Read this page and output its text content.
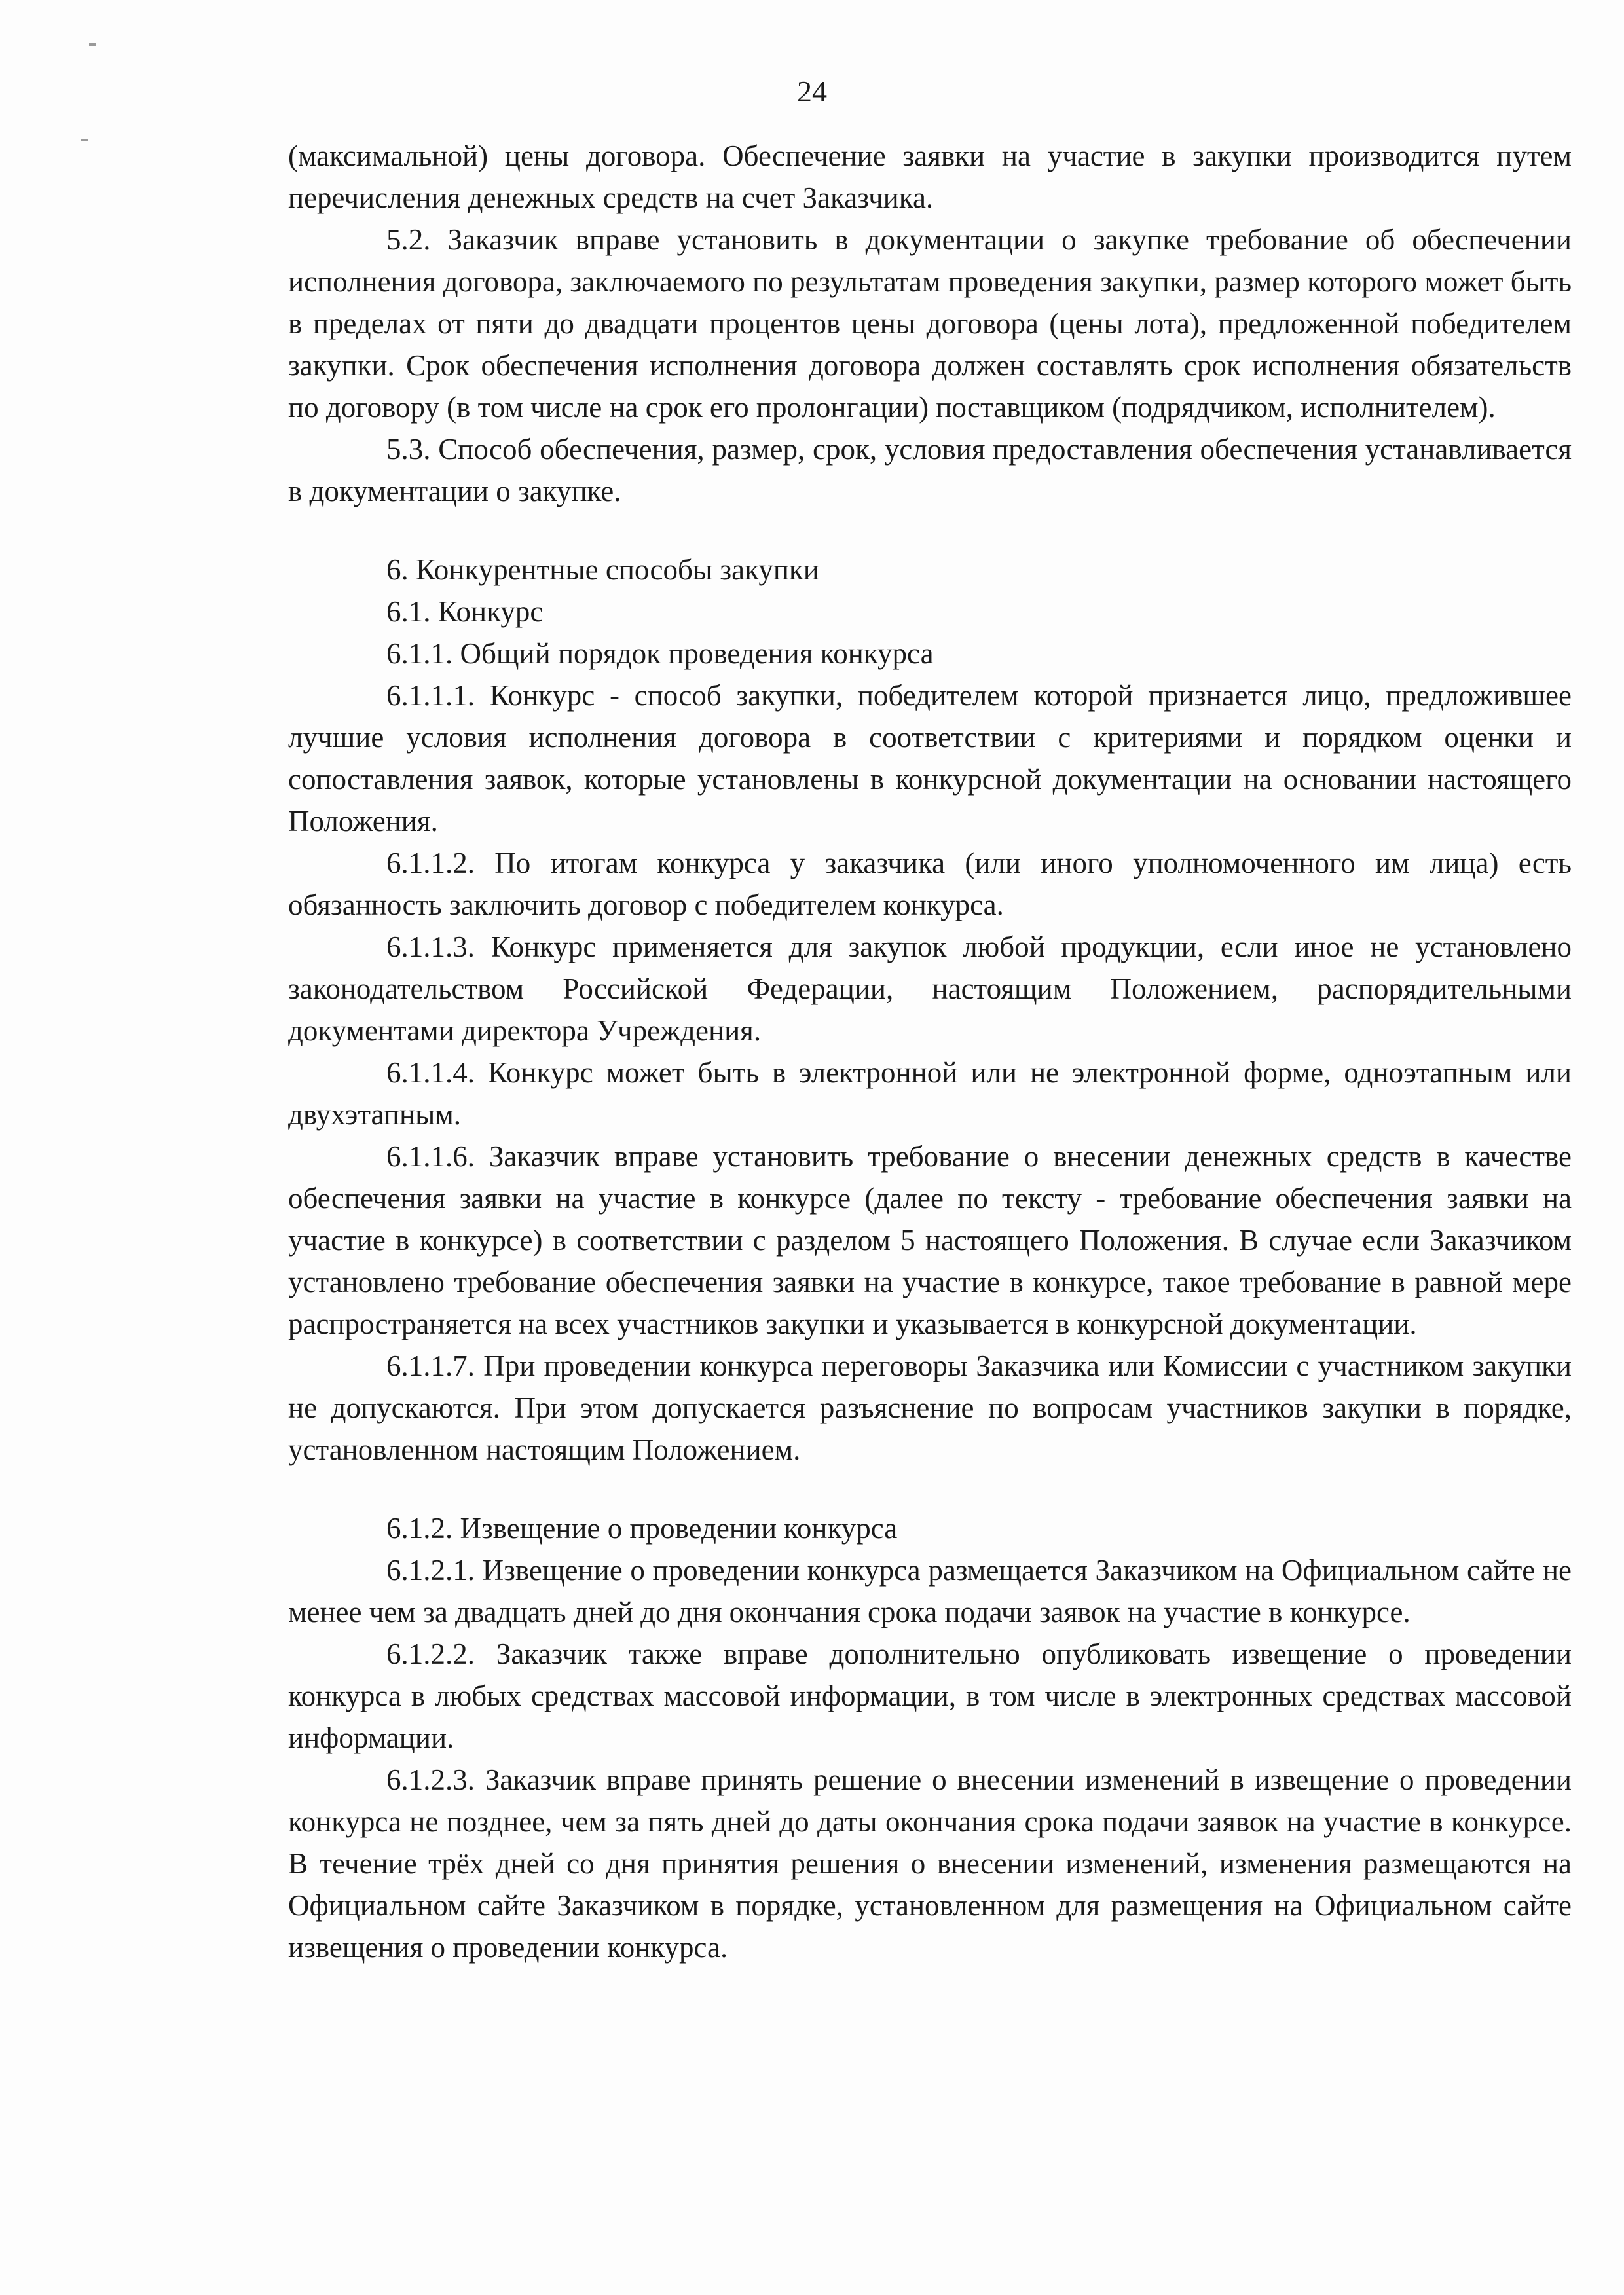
24

(максимальной) цены договора. Обеспечение заявки на участие в закупки производится путем перечисления денежных средств на счет Заказчика.

5.2. Заказчик вправе установить в документации о закупке требование об обеспечении исполнения договора, заключаемого по результатам проведения закупки, размер которого может быть в пределах от пяти до двадцати процентов цены договора (цены лота), предложенной победителем закупки. Срок обеспечения исполнения договора должен составлять срок исполнения обязательств по договору (в том числе на срок его пролонгации) поставщиком (подрядчиком, исполнителем).

5.3. Способ обеспечения, размер, срок, условия предоставления обеспечения устанавливается в документации о закупке.

6. Конкурентные способы закупки

6.1. Конкурс

6.1.1. Общий порядок проведения конкурса

6.1.1.1. Конкурс - способ закупки, победителем которой признается лицо, предложившее лучшие условия исполнения договора в соответствии с критериями и порядком оценки и сопоставления заявок, которые установлены в конкурсной документации на основании настоящего Положения.

6.1.1.2. По итогам конкурса у заказчика (или иного уполномоченного им лица) есть обязанность заключить договор с победителем конкурса.

6.1.1.3. Конкурс применяется для закупок любой продукции, если иное не установлено законодательством Российской Федерации, настоящим Положением, распорядительными документами директора Учреждения.

6.1.1.4. Конкурс может быть в электронной или не электронной форме, одноэтапным или двухэтапным.

6.1.1.6. Заказчик вправе установить требование о внесении денежных средств в качестве обеспечения заявки на участие в конкурсе (далее по тексту - требование обеспечения заявки на участие в конкурсе) в соответствии с разделом 5 настоящего Положения. В случае если Заказчиком установлено требование обеспечения заявки на участие в конкурсе, такое требование в равной мере распространяется на всех участников закупки и указывается в конкурсной документации.

6.1.1.7. При проведении конкурса переговоры Заказчика или Комиссии с участником закупки не допускаются. При этом допускается разъяснение по вопросам участников закупки в порядке, установленном настоящим Положением.

6.1.2. Извещение о проведении конкурса

6.1.2.1. Извещение о проведении конкурса размещается Заказчиком на Официальном сайте не менее чем за двадцать дней до дня окончания срока подачи заявок на участие в конкурсе.

6.1.2.2. Заказчик также вправе дополнительно опубликовать извещение о проведении конкурса в любых средствах массовой информации, в том числе в электронных средствах массовой информации.

6.1.2.3. Заказчик вправе принять решение о внесении изменений в извещение о проведении конкурса не позднее, чем за пять дней до даты окончания срока подачи заявок на участие в конкурсе. В течение трёх дней со дня принятия решения о внесении изменений, изменения размещаются на Официальном сайте Заказчиком в порядке, установленном для размещения на Официальном сайте извещения о проведении конкурса.
